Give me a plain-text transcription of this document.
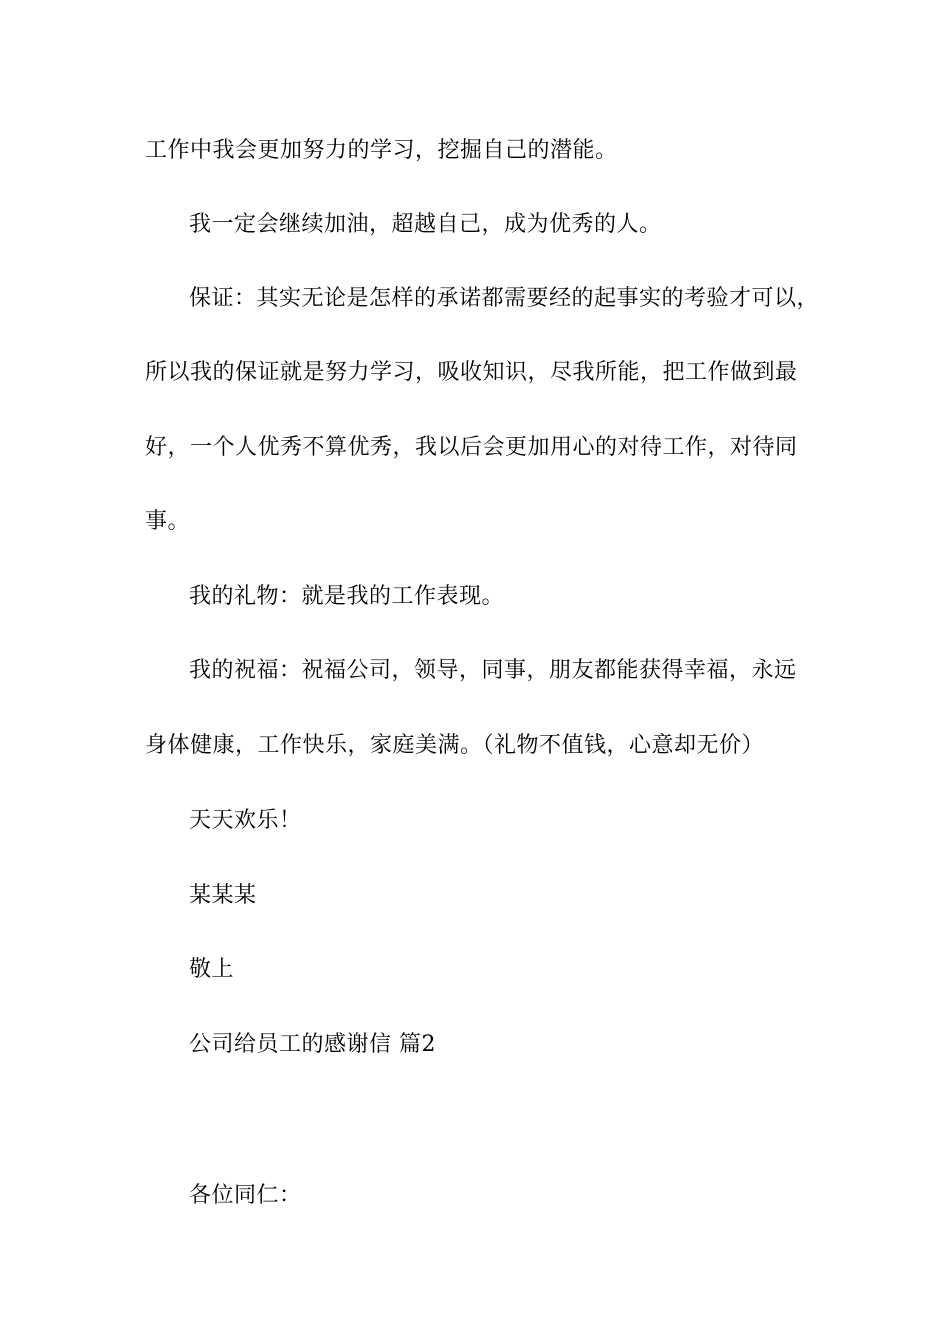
工作中我会更加努力的学习，挖掘自己的潜能。

我一定会继续加油，超越自己，成为优秀的人。

保证：其实无论是怎样的承诺都需要经的起事实的考验才可以，

所以我的保证就是努力学习，吸收知识，尽我所能，把工作做到最

好，一个人优秀不算优秀，我以后会更加用心的对待工作，对待同

事。

我的礼物：就是我的工作表现。

我的祝福：祝福公司，领导，同事，朋友都能获得幸福，永远

身体健康，工作快乐，家庭美满。（礼物不值钱，心意却无价）

天天欢乐！

某某某

敬上

公司给员工的感谢信 篇2

各位同仁：
